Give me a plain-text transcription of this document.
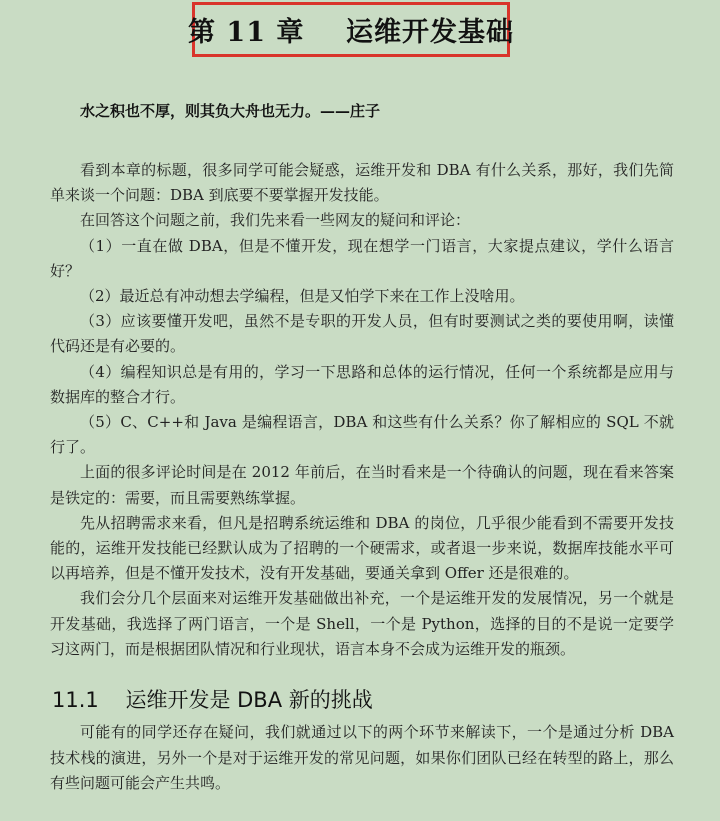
第 11 章    运维开发基础
水之积也不厚，则其负大舟也无力。——庄子

看到本章的标题，很多同学可能会疑惑，运维开发和 DBA 有什么关系，那好，我们先简单来谈一个问题：DBA 到底要不要掌握开发技能。

在回答这个问题之前，我们先来看一些网友的疑问和评论：

（1）一直在做 DBA，但是不懂开发，现在想学一门语言，大家提点建议，学什么语言好？

（2）最近总有冲动想去学编程，但是又怕学下来在工作上没啥用。

（3）应该要懂开发吧，虽然不是专职的开发人员，但有时要测试之类的要使用啊，读懂代码还是有必要的。

（4）编程知识总是有用的，学习一下思路和总体的运行情况，任何一个系统都是应用与数据库的整合才行。

（5）C、C++和 Java 是编程语言，DBA 和这些有什么关系？你了解相应的 SQL 不就行了。

上面的很多评论时间是在 2012 年前后，在当时看来是一个待确认的问题，现在看来答案是铁定的：需要，而且需要熟练掌握。

先从招聘需求来看，但凡是招聘系统运维和 DBA 的岗位，几乎很少能看到不需要开发技能的，运维开发技能已经默认成为了招聘的一个硬需求，或者退一步来说，数据库技能水平可以再培养，但是不懂开发技术，没有开发基础，要通关拿到 Offer 还是很难的。

我们会分几个层面来对运维开发基础做出补充，一个是运维开发的发展情况，另一个就是开发基础，我选择了两门语言，一个是 Shell，一个是 Python，选择的目的不是说一定要学习这两门，而是根据团队情况和行业现状，语言本身不会成为运维开发的瓶颈。

11.1    运维开发是 DBA 新的挑战

可能有的同学还存在疑问，我们就通过以下的两个环节来解读下，一个是通过分析 DBA 技术栈的演进，另外一个是对于运维开发的常见问题，如果你们团队已经在转型的路上，那么有些问题可能会产生共鸣。
